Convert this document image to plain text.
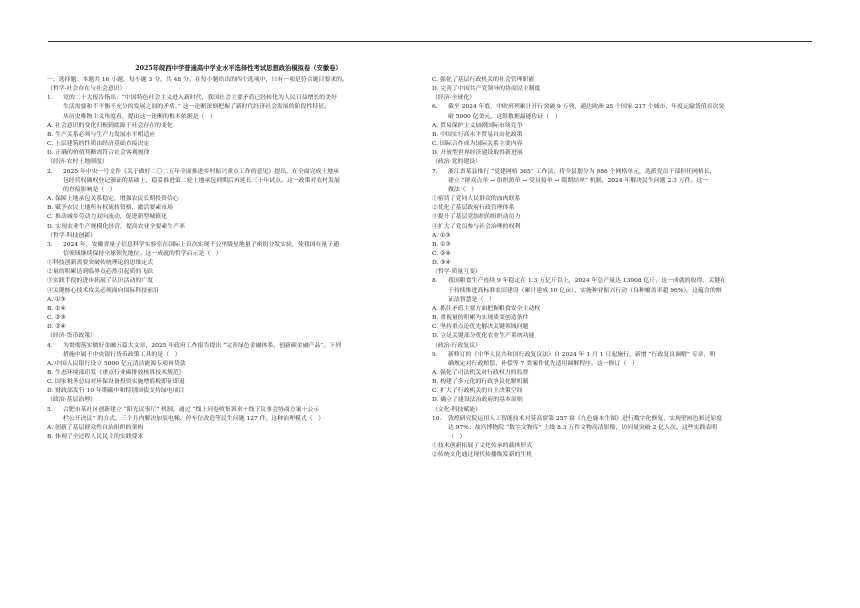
2025年皖西中学普通高中学业水平选择性考试思想政治模拟卷（安徽卷）
一、选择题：本题共 16 小题，每小题 3 分，共 48 分。在每小题给出的四个选项中，只有一项是符合题目要求的。
（哲学·社会存在与社会意识）
1.	党的二十大报告指出：“中国特色社会主义进入新时代，我国社会主要矛盾已经转化为人民日益增长的美好
生活需要和不平衡不充分的发展之间的矛盾。” 这一论断深刻把握了新时代经济社会发展的阶段性特征。
从历史唯物主义角度看，提出这一论断的根本依据是（   ）
A. 社会意识的变化归根到底源于社会存在的变化
B. 生产关系必须与生产力发展水平相适应
C. 上层建筑的性质由经济基础直接决定
D. 正确的价值判断需符合社会客观规律
（经济·农村土地制度）
2.	2025 年中央一号文件《关于做好二〇二五年全面推进乡村振兴重点工作的意见》提出，在全面完成土地承
包经营权确权登记颁证的基础上，稳妥推进第二轮土地承包到期后再延长三十年试点。这一政策对农村发展
的直接影响是（   ）
A. 保障土地承包关系稳定，增强农民长期投资信心
B. 赋予农民土地所有权流转资格，激活要素市场
C. 推动城乡劳动力双向流动，促进新型城镇化
D. 实现农业生产规模化经营，提高农业全要素生产率
（哲学·科技创新）
3.	2024 年，安徽省量子信息科学实验室在国际上首次实现千公里级星地量子密钥分发实验，使我国在量子通
信领域继续保持全球领先地位。这一成就的哲学启示是（   ）
①科技创新需要突破传统理论的思维定式
②量的积累达到临界点必然引起质的飞跃
③实践手段的进步拓展了认识活动的广度
④关键核心技术攻关必须面向国际科技前沿
A. ①③
B. ①④
C. ②③
D. ②④
（经济·货币政策）
4.	为贯彻落实做好金融五篇大文章，2025 年政府工作报告提出 “完善绿色金融体系，创新碳金融产品”。下列
措施中属于中央银行货币政策工具的是（   ）
A. 中国人民银行设立 5000 亿元清洁能源专项再贷款
B. 生态环境部印发《重点行业碳排放核算技术规范》
C. 国家税务总局对环保设备投资实施增值税即征即退
D. 财政部发行 10 年期碳中和特别国债支持绿电项目
（政治·基层治理）
5.	合肥市某社区创新建立 “阳光议事厅” 机制，通过 “线上问卷收集诉求＋线下议事会协商方案＋公示
栏公开决议” 的方式，三个月内解决加装电梯、停车位改造等民生问题 127 件。这种治理模式（   ）
A. 创新了基层群众性自治组织的架构
B. 体现了全过程人民民主的实践要求
C. 强化了基层行政机关的社会管理职能
D. 完善了中国共产党领导的协商民主制度
（经济·全球化）
6.	截至 2024 年底，中欧班列累计开行突破 9 万列，通达欧洲 25 个国家 217 个城市，年度运输货值首次突
破 5000 亿美元，这组数据最能佐证（   ）
A. 贸易保护主义加剧国际市场竞争
B. 中国实行高水平贸易自由化政策
C. 国际合作成为国际关系主要内容
D. 开放型世界经济建设取得新进展
（政治·党的建设）
7.	浙江省某县推行 “党建网格 365” 工作法，将全县划分为 986 个网格单元，选派党员干部担任网格长，
建立 “群众点单 → 组织派单 → 党员接单 → 限期结单” 机制，2024 年解决民生问题 2.3 万件。这一
做法（   ）
①密切了党同人民群众的血肉联系
②优化了基层政府行政管理体系
③提升了基层党组织的组织动员力
④扩大了党员参与社会治理的权利
A. ①③
B. ①③
C. ②④
D. ③④
（哲学·质量互变）
8.	我国粮食生产连续 9 年稳定在 1.3 万亿斤以上，2024 年总产量达 13908 亿斤，这一成就的取得，关键在
于持续推进高标准农田建设（累计建成 10 亿亩）、实施种业振兴行动（良种覆盖率超 96%）。这蕴含的辩
证法智慧是（   ）
A. 抓住矛盾主要方面把握粮食安全主动权
B. 重视量的积累为实现质变创造条件
C. 坚持重点论优先解决关键领域问题
D. 立足关键部分优化农业生产系统功能
（政治·行政复议）
9.	新修订的《中华人民共和国行政复议法》自 2024 年 1 月 1 日起施行，新增 “行政复议调解” 专章，明
确规定对行政赔偿、补偿等 7 类案件优先适用调解程序。这一修订（   ）
A. 强化了司法机关对行政权力的监督
B. 构建了多元化的行政争议化解机制
C. 扩大了行政机关的自主决策空间
D. 确立了建设法治政府的基本原则
（文化·科技赋能）
10.	敦煌研究院运用人工智能技术对莫高窟第 257 窟《九色鹿本生图》进行数字化修复，实现壁画色彩还原度
达 97%；故宫博物院 “数字文物库” 上线 8.3 万件文物高清影像，访问量突破 2 亿人次。这些实践表明
（   ）
①技术创新拓展了文化传承的载体形式
②传统文化通过现代传播焕发新的生机
